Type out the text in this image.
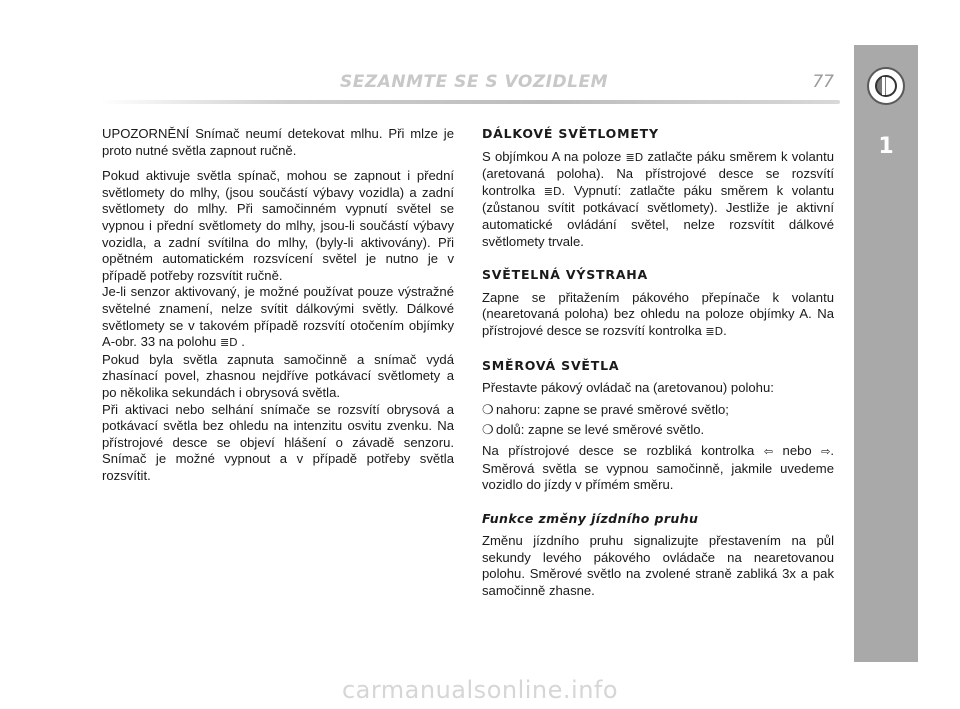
SEZANMTE SE S VOZIDLEM	77
1

UPOZORNĚNÍ Snímač neumí detekovat mlhu. Při mlze je proto nutné světla zapnout ručně.

Pokud aktivuje světla spínač, mohou se zapnout i přední světlomety do mlhy, (jsou součástí výbavy vozidla) a zadní světlomety do mlhy. Při samočinném vypnutí světel se vypnou i přední světlomety do mlhy, jsou-li součástí výbavy vozidla, a zadní svítilna do mlhy, (byly-li aktivovány). Při opětném automatickém rozsvícení světel je nutno je v případě potřeby rozsvítit ručně.

Je-li senzor aktivovaný, je možné používat pouze výstražné světelné znamení, nelze svítit dálkovými světly. Dálkové světlomety se v takovém případě rozsvítí otočením objímky A-obr. 33 na polohu ≣D .

Pokud byla světla zapnuta samočinně a snímač vydá zhasínací povel, zhasnou nejdříve potkávací světlomety a po několika sekundách i obrysová světla.

Při aktivaci nebo selhání snímače se rozsvítí obrysová a potkávací světla bez ohledu na intenzitu osvitu zvenku. Na přístrojové desce se objeví hlášení o závadě senzoru. Snímač je možné vypnout a v případě potřeby světla rozsvítit.

DÁLKOVÉ SVĚTLOMETY

S objímkou A na poloze ≣D zatlačte páku směrem k volantu (aretovaná poloha). Na přístrojové desce se rozsvítí kontrolka ≣D. Vypnutí: zatlačte páku směrem k volantu (zůstanou svítit potkávací světlomety). Jestliže je aktivní automatické ovládání světel, nelze rozsvítit dálkové světlomety trvale.

SVĚTELNÁ VÝSTRAHA

Zapne se přitažením pákového přepínače k volantu (nearetovaná poloha) bez ohledu na poloze objímky A. Na přístrojové desce se rozsvítí kontrolka ≣D.

SMĚROVÁ SVĚTLA

Přestavte pákový ovládač na (aretovanou) polohu:

❍ nahoru: zapne se pravé směrové světlo;
❍ dolů: zapne se levé směrové světlo.

Na přístrojové desce se rozbliká kontrolka ⇦ nebo ⇨. Směrová světla se vypnou samočinně, jakmile uvedeme vozidlo do jízdy v přímém směru.

Funkce změny jízdního pruhu

Změnu jízdního pruhu signalizujte přestavením na půl sekundy levého pákového ovládače na nearetovanou polohu. Směrové světlo na zvolené straně zabliká 3x a pak samočinně zhasne.

carmanualsonline.info
